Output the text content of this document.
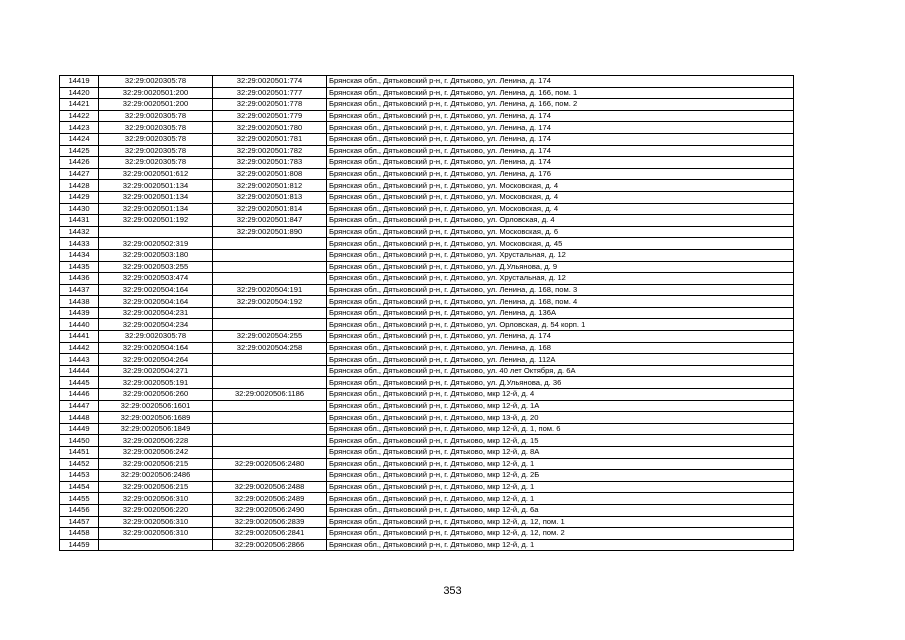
14419	32:29:0020305:78	32:29:0020501:774	Брянская обл., Дятьковский р-н, г. Дятьково, ул. Ленина, д. 174
14420	32:29:0020501:200	32:29:0020501:777	Брянская обл., Дятьковский р-н, г. Дятьково, ул. Ленина, д. 166, пом. 1
14421	32:29:0020501:200	32:29:0020501:778	Брянская обл., Дятьковский р-н, г. Дятьково, ул. Ленина, д. 166, пом. 2
14422	32:29:0020305:78	32:29:0020501:779	Брянская обл., Дятьковский р-н, г. Дятьково, ул. Ленина, д. 174
14423	32:29:0020305:78	32:29:0020501:780	Брянская обл., Дятьковский р-н, г. Дятьково, ул. Ленина, д. 174
14424	32:29:0020305:78	32:29:0020501:781	Брянская обл., Дятьковский р-н, г. Дятьково, ул. Ленина, д. 174
14425	32:29:0020305:78	32:29:0020501:782	Брянская обл., Дятьковский р-н, г. Дятьково, ул. Ленина, д. 174
14426	32:29:0020305:78	32:29:0020501:783	Брянская обл., Дятьковский р-н, г. Дятьково, ул. Ленина, д. 174
14427	32:29:0020501:612	32:29:0020501:808	Брянская обл., Дятьковский р-н, г. Дятьково, ул. Ленина, д. 176
14428	32:29:0020501:134	32:29:0020501:812	Брянская обл., Дятьковский р-н, г. Дятьково, ул. Московская, д. 4
14429	32:29:0020501:134	32:29:0020501:813	Брянская обл., Дятьковский р-н, г. Дятьково, ул. Московская, д. 4
14430	32:29:0020501:134	32:29:0020501:814	Брянская обл., Дятьковский р-н, г. Дятьково, ул. Московская, д. 4
14431	32:29:0020501:192	32:29:0020501:847	Брянская обл., Дятьковский р-н, г. Дятьково, ул. Орловская, д. 4
14432		32:29:0020501:890	Брянская обл., Дятьковский р-н, г. Дятьково, ул. Московская, д. 6
14433	32:29:0020502:319		Брянская обл., Дятьковский р-н, г. Дятьково, ул. Московская, д. 45
14434	32:29:0020503:180		Брянская обл., Дятьковский р-н, г. Дятьково, ул. Хрустальная, д. 12
14435	32:29:0020503:255		Брянская обл., Дятьковский р-н, г. Дятьково, ул. Д.Ульянова, д. 9
14436	32:29:0020503:474		Брянская обл., Дятьковский р-н, г. Дятьково, ул. Хрустальная, д. 12
14437	32:29:0020504:164	32:29:0020504:191	Брянская обл., Дятьковский р-н, г. Дятьково, ул. Ленина, д. 168, пом. 3
14438	32:29:0020504:164	32:29:0020504:192	Брянская обл., Дятьковский р-н, г. Дятьково, ул. Ленина, д. 168, пом. 4
14439	32:29:0020504:231		Брянская обл., Дятьковский р-н, г. Дятьково, ул. Ленина, д. 136А
14440	32:29:0020504:234		Брянская обл., Дятьковский р-н, г. Дятьково, ул. Орловская, д. 54 корп. 1
14441	32:29:0020305:78	32:29:0020504:255	Брянская обл., Дятьковский р-н, г. Дятьково, ул. Ленина, д. 174
14442	32:29:0020504:164	32:29:0020504:258	Брянская обл., Дятьковский р-н, г. Дятьково, ул. Ленина, д. 168
14443	32:29:0020504:264		Брянская обл., Дятьковский р-н, г. Дятьково, ул. Ленина, д. 112А
14444	32:29:0020504:271		Брянская обл., Дятьковский р-н, г. Дятьково, ул. 40 лет Октября, д. 6А
14445	32:29:0020505:191		Брянская обл., Дятьковский р-н, г. Дятьково, ул. Д.Ульянова, д. 36
14446	32:29:0020506:260	32:29:0020506:1186	Брянская обл., Дятьковский р-н, г. Дятьково, мкр 12-й, д. 4
14447	32:29:0020506:1601		Брянская обл., Дятьковский р-н, г. Дятьково, мкр 12-й, д. 1А
14448	32:29:0020506:1689		Брянская обл., Дятьковский р-н, г. Дятьково, мкр 13-й, д. 20
14449	32:29:0020506:1849		Брянская обл., Дятьковский р-н, г. Дятьково, мкр 12-й, д. 1, пом. 6
14450	32:29:0020506:228		Брянская обл., Дятьковский р-н, г. Дятьково, мкр 12-й, д. 15
14451	32:29:0020506:242		Брянская обл., Дятьковский р-н, г. Дятьково, мкр 12-й, д. 8А
14452	32:29:0020506:215	32:29:0020506:2480	Брянская обл., Дятьковский р-н, г. Дятьково, мкр 12-й, д. 1
14453	32:29:0020506:2486		Брянская обл., Дятьковский р-н, г. Дятьково, мкр 12-й, д. 2Б
14454	32:29:0020506:215	32:29:0020506:2488	Брянская обл., Дятьковский р-н, г. Дятьково, мкр 12-й, д. 1
14455	32:29:0020506:310	32:29:0020506:2489	Брянская обл., Дятьковский р-н, г. Дятьково, мкр 12-й, д. 1
14456	32:29:0020506:220	32:29:0020506:2490	Брянская обл., Дятьковский р-н, г. Дятьково, мкр 12-й, д. 6а
14457	32:29:0020506:310	32:29:0020506:2839	Брянская обл., Дятьковский р-н, г. Дятьково, мкр 12-й, д. 12, пом. 1
14458	32:29:0020506:310	32:29:0020506:2841	Брянская обл., Дятьковский р-н, г. Дятьково, мкр 12-й, д. 12, пом. 2
14459		32:29:0020506:2866	Брянская обл., Дятьковский р-н, г. Дятьково, мкр 12-й, д. 1
353
